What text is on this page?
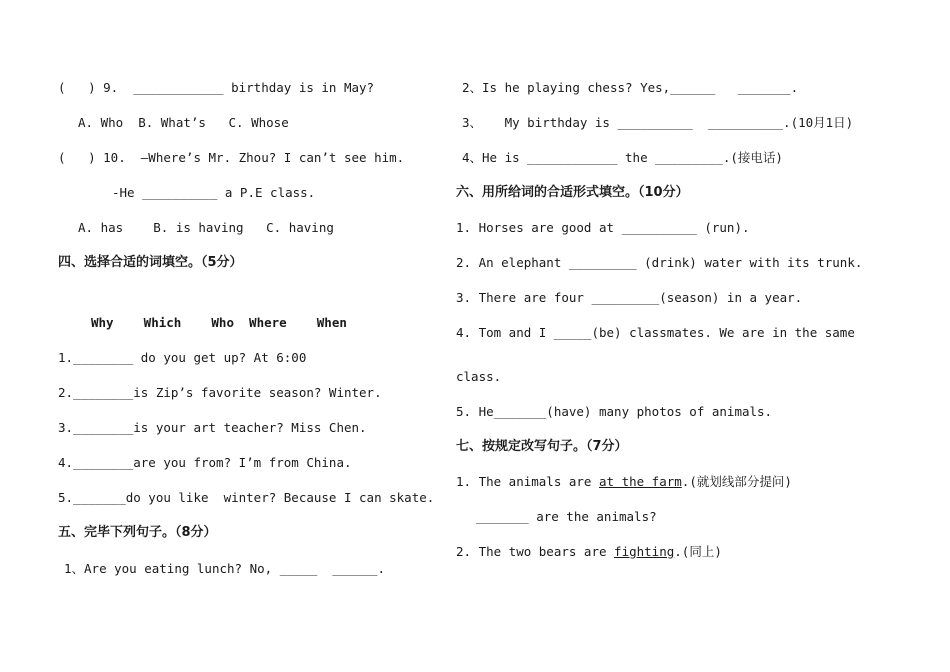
(   ) 9.  ____________ birthday is in May?
A. Who  B. What’s   C. Whose
(   ) 10.  –Where’s Mr. Zhou? I can’t see him.
-He __________ a P.E class.
A. has    B. is having   C. having
四、选择合适的词填空。（5分）
Why    Which    Who  Where    When
1.________ do you get up? At 6:00
2.________is Zip’s favorite season? Winter.
3.________is your art teacher? Miss Chen.
4.________are you from? I’m from China.
5._______do you like  winter? Because I can skate.
五、完毕下列句子。（8分）
1、Are you eating lunch? No, _____  ______.
2、Is he playing chess? Yes,______   _______.
3、   My birthday is __________  __________.(10月1日)
4、He is ____________ the _________.(接电话)
六、用所给词的合适形式填空。（10分）
1. Horses are good at __________ (run).
2. An elephant _________ (drink) water with its trunk.
3. There are four _________(season) in a year.
4. Tom and I _____(be) classmates. We are in the same
class.
5. He_______(have) many photos of animals.
七、按规定改写句子。（7分）
1. The animals are at the farm.(就划线部分提问)
_______ are the animals?
2. The two bears are fighting.(同上)
